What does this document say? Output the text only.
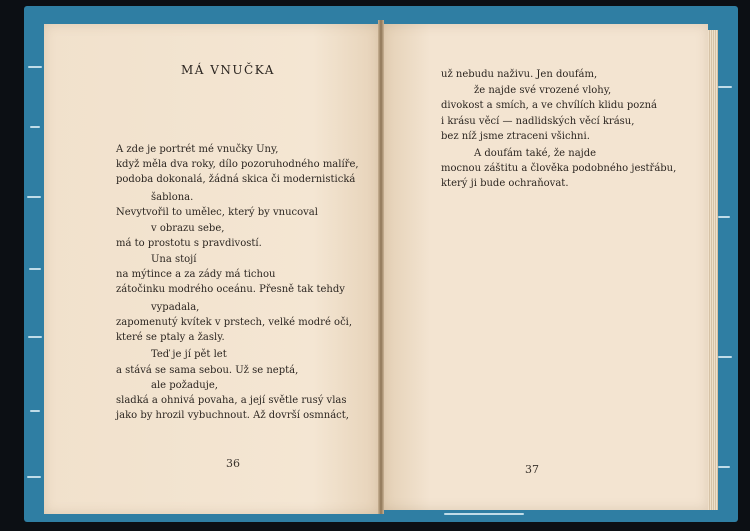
MÁ VNUČKA
A zde je portrét mé vnučky Uny,
když měla dva roky, dílo pozoruhodného malíře,
podoba dokonalá, žádná skica či modernistická
šablona.
Nevytvořil to umělec, který by vnucoval
v obrazu sebe,
má to prostotu s pravdivostí.
Una stojí
na mýtince a za zády má tichou
zátočinku modrého oceánu. Přesně tak tehdy
vypadala,
zapomenutý kvítek v prstech, velké modré oči,
které se ptaly a žasly.
Teď je jí pět let
a stává se sama sebou. Už se neptá,
ale požaduje,
sladká a ohnivá povaha, a její světle rusý vlas
jako by hrozil vybuchnout. Až dovrší osmnáct,
36
už nebudu naživu. Jen doufám,
že najde své vrozené vlohy,
divokost a smích, a ve chvílích klidu pozná
i krásu věcí — nadlidských věcí krásu,
bez níž jsme ztraceni všichni.
A doufám také, že najde
mocnou záštitu a člověka podobného jestřábu,
který ji bude ochraňovat.
37
